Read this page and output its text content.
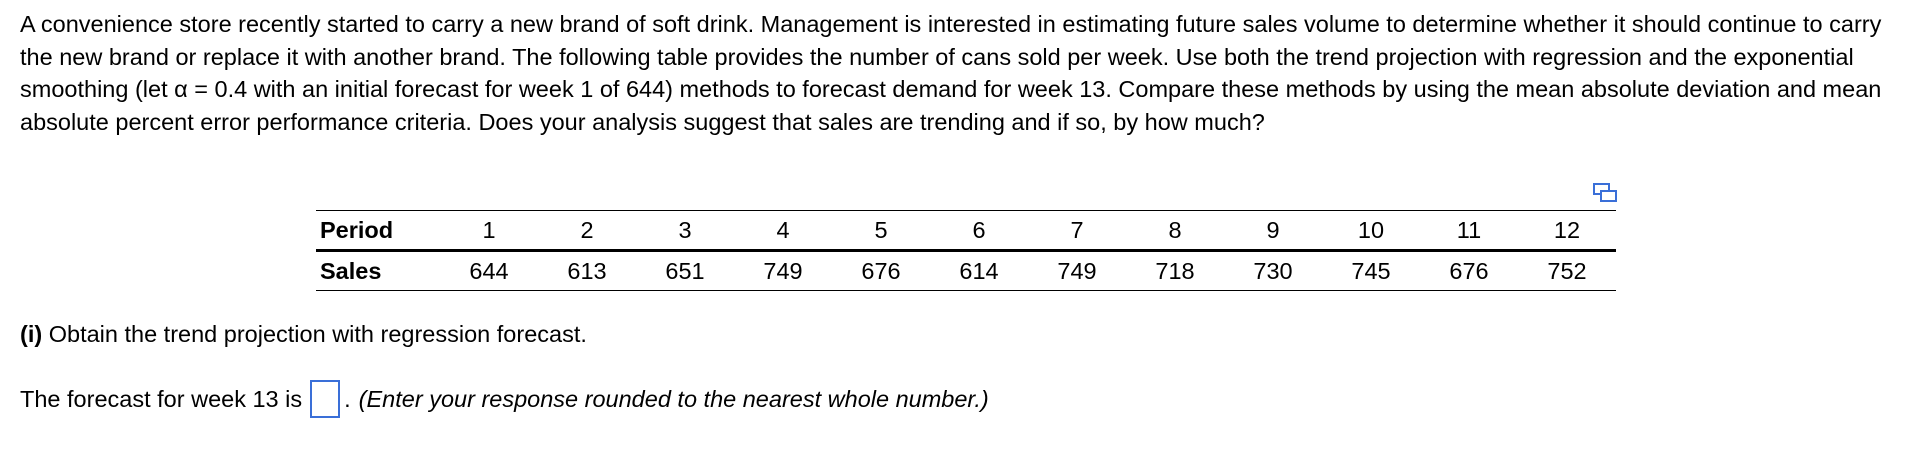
A convenience store recently started to carry a new brand of soft drink. Management is interested in estimating future sales volume to determine whether it should continue to carry the new brand or replace it with another brand. The following table provides the number of cans sold per week. Use both the trend projection with regression and the exponential smoothing (let α = 0.4 with an initial forecast for week 1 of 644) methods to forecast demand for week 13. Compare these methods by using the mean absolute deviation and mean absolute percent error performance criteria. Does your analysis suggest that sales are trending and if so, by how much?

Period	1	2	3	4	5	6	7	8	9	10	11	12
Sales	644	613	651	749	676	614	749	718	730	745	676	752

(i) Obtain the trend projection with regression forecast.

The forecast for week 13 is . (Enter your response rounded to the nearest whole number.)
